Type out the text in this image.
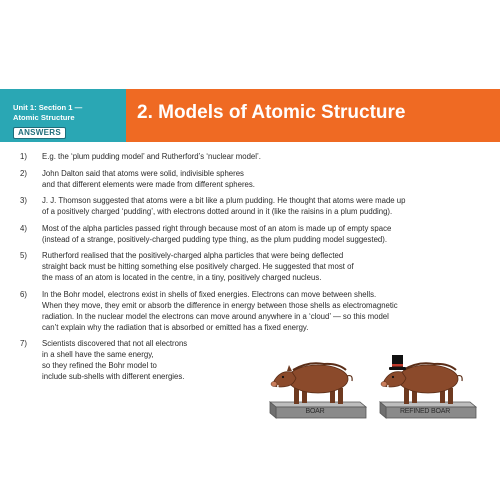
Unit 1: Section 1 —
Atomic Structure
ANSWERS
2. Models of Atomic Structure
1)	E.g. the ‘plum pudding model’ and Rutherford’s ‘nuclear model’.
2)	John Dalton said that atoms were solid, indivisible spheres
and that different elements were made from different spheres.
3)	J. J. Thomson suggested that atoms were a bit like a plum pudding. He thought that atoms were made up
of a positively charged ‘pudding’, with electrons dotted around in it (like the raisins in a plum pudding).
4)	Most of the alpha particles passed right through because most of an atom is made up of empty space
(instead of a strange, positively-charged pudding type thing, as the plum pudding model suggested).
5)	Rutherford realised that the positively-charged alpha particles that were being deflected
straight back must be hitting something else positively charged. He suggested that most of
the mass of an atom is located in the centre, in a tiny, positively charged nucleus.
6)	In the Bohr model, electrons exist in shells of fixed energies. Electrons can move between shells.
When they move, they emit or absorb the difference in energy between those shells as electromagnetic
radiation. In the nuclear model the electrons can move around anywhere in a ‘cloud’ — so this model
can’t explain why the radiation that is absorbed or emitted has a fixed energy.
7)	Scientists discovered that not all electrons
in a shell have the same energy,
so they refined the Bohr model to
include sub-shells with different energies.
BOAR	REFINED BOAR
